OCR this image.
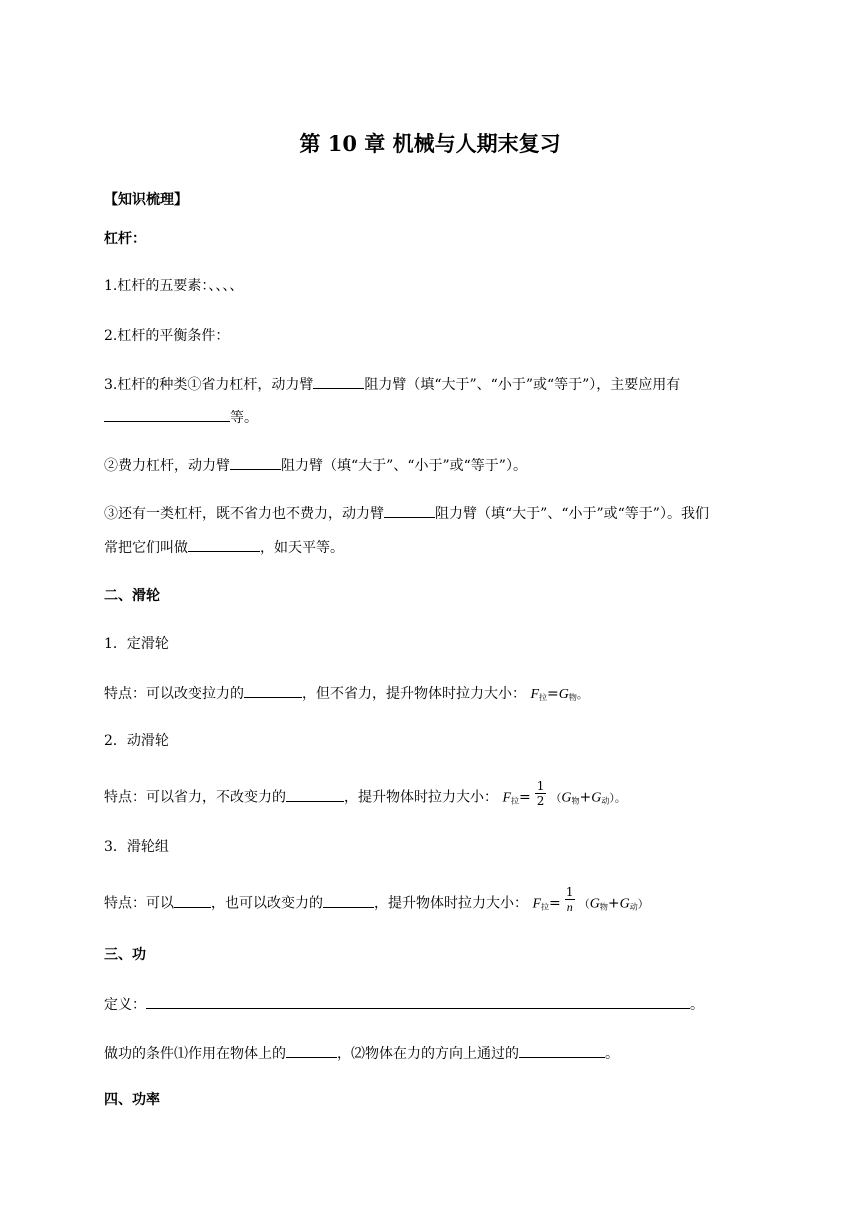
第 10 章 机械与人期末复习
【知识梳理】
杠杆：
1.杠杆的五要素：、、、、
2.杠杆的平衡条件：
3.杠杆的种类①省力杠杆，动力臂	阻力臂（填“大于”、“小于”或“等于”），主要应用有
等。
②费力杠杆，动力臂	阻力臂（填“大于”、“小于”或“等于”）。
③还有一类杠杆，既不省力也不费力，动力臂	阻力臂（填“大于”、“小于”或“等于”）。我们
常把它们叫做	，如天平等。
二、滑轮
1．定滑轮
特点：可以改变拉力的	，但不省力，提升物体时拉力大小： $F_拉=G_物$。
2．动滑轮
特点：可以省力，不改变力的	，提升物体时拉力大小： $F_拉= \frac{1}{2} (G_物+G_动)$。
3．滑轮组
特点：可以	，也可以改变力的	，提升物体时拉力大小： $F_拉= \frac{1}{n} (G_物+G_动)$
三、功
定义：	。
做功的条件⑴作用在物体上的	，⑵物体在力的方向上通过的	。
四、功率
